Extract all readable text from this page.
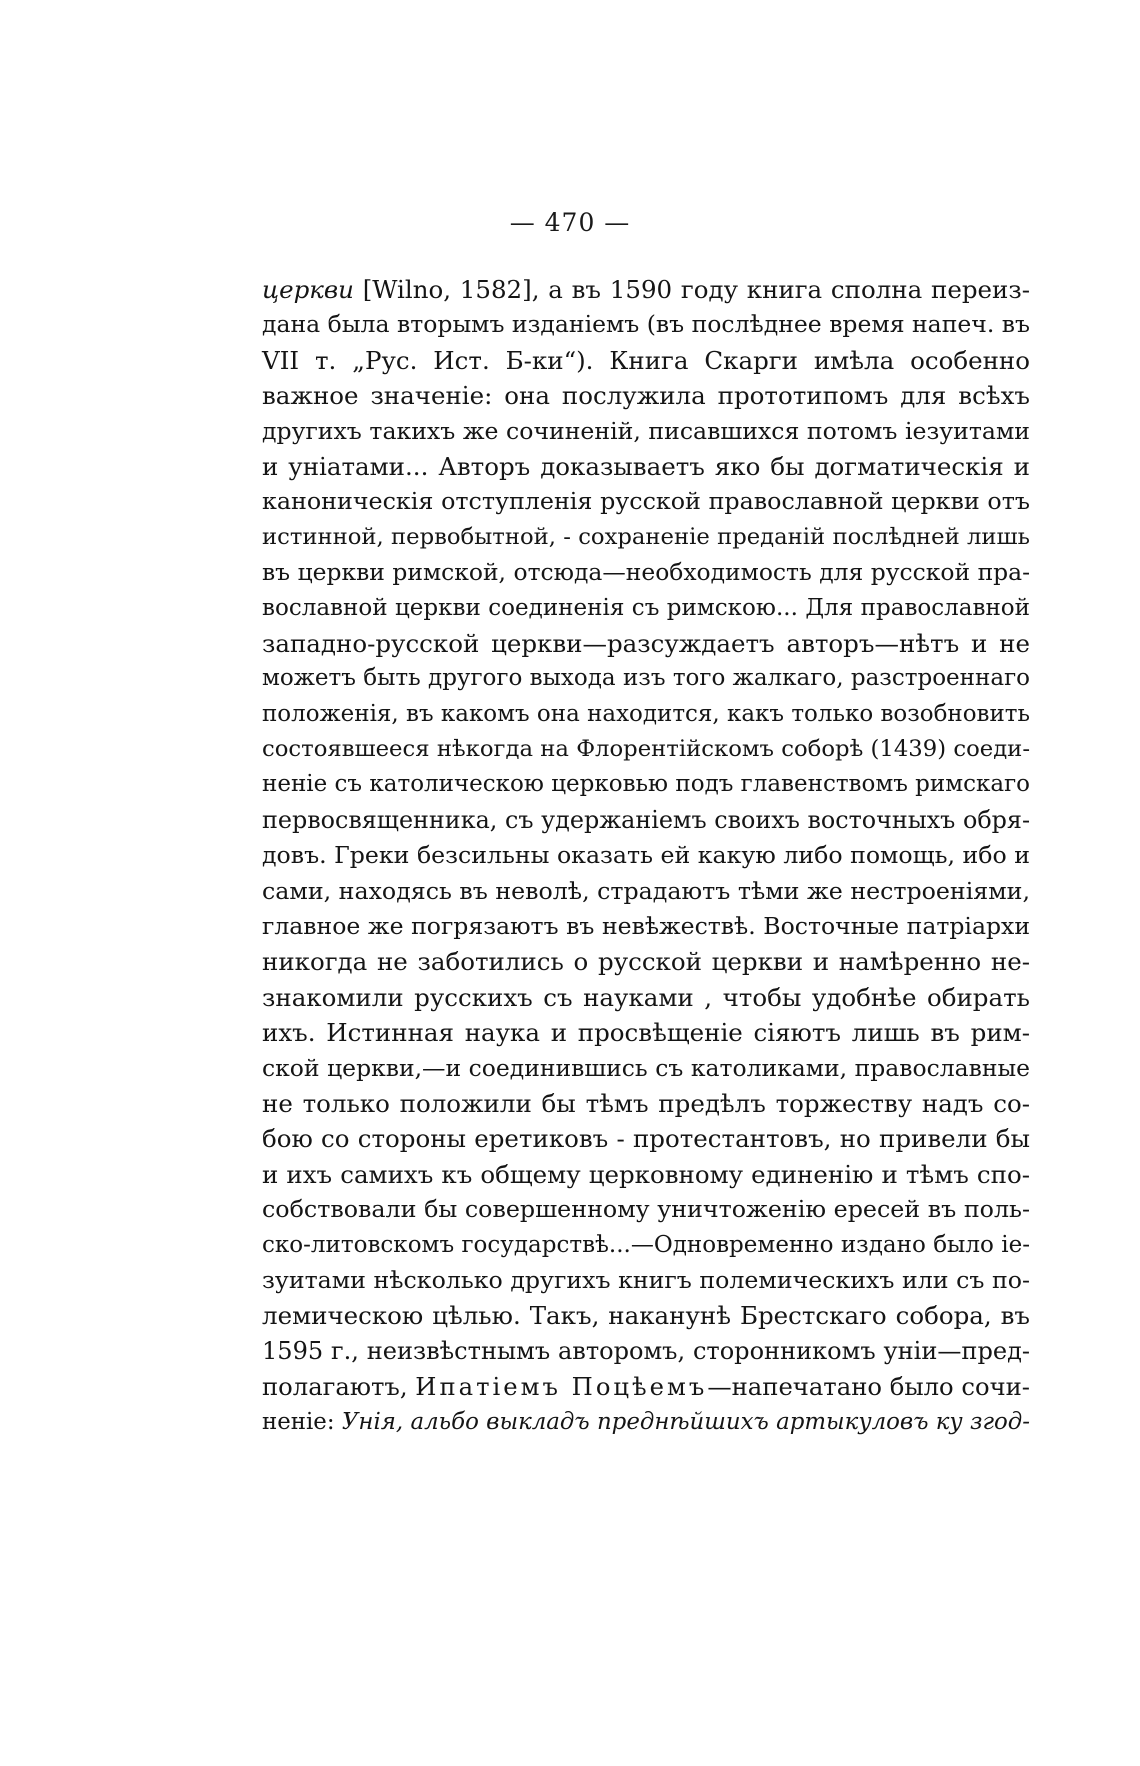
— 470 —
церкви [Wilno, 1582], а въ 1590 году книга сполна переиз-
дана была вторымъ изданіемъ (въ послѣднее время напеч. въ
VII т. „Рус. Ист. Б-ки“). Книга Скарги имѣла особенно
важное значеніе: она послужила прототипомъ для всѣхъ
другихъ такихъ же сочиненій, писавшихся потомъ іезуитами
и уніатами... Авторъ доказываетъ яко бы догматическія и
каноническія отступленія русской православной церкви отъ
истинной, первобытной, - сохраненіе преданій послѣдней лишь
въ церкви римской, отсюда—необходимость для русской пра-
вославной церкви соединенія съ римскою... Для православной
западно-русской церкви—разсуждаетъ авторъ—нѣтъ и не
можетъ быть другого выхода изъ того жалкаго, разстроеннаго
положенія, въ какомъ она находится, какъ только возобновить
состоявшееся нѣкогда на Флорентійскомъ соборѣ (1439) соеди-
неніе съ католическою церковью подъ главенствомъ римскаго
первосвященника, съ удержаніемъ своихъ восточныхъ обря-
довъ. Греки безсильны оказать ей какую либо помощь, ибо и
сами, находясь въ неволѣ, страдаютъ тѣми же нестроеніями,
главное же погрязаютъ въ невѣжествѣ. Восточные патріархи
никогда не заботились о русской церкви и намѣренно не-
знакомили русскихъ съ науками , чтобы удобнѣе обирать
ихъ. Истинная наука и просвѣщеніе сіяютъ лишь въ рим-
ской церкви,—и соединившись съ католиками, православные
не только положили бы тѣмъ предѣлъ торжеству надъ со-
бою со стороны еретиковъ - протестантовъ, но привели бы
и ихъ самихъ къ общему церковному единенію и тѣмъ спо-
собствовали бы совершенному уничтоженію ересей въ поль-
ско-литовскомъ государствѣ...—Одновременно издано было іе-
зуитами нѣсколько другихъ книгъ полемическихъ или съ по-
лемическою цѣлью. Такъ, наканунѣ Брестскаго собора, въ
1595 г., неизвѣстнымъ авторомъ, сторонникомъ уніи—пред-
полагаютъ, Ипатіемъ Поцѣемъ—напечатано было сочи-
неніе: Унія, альбо выкладъ преднѣйшихъ артыкуловъ ку згод-
